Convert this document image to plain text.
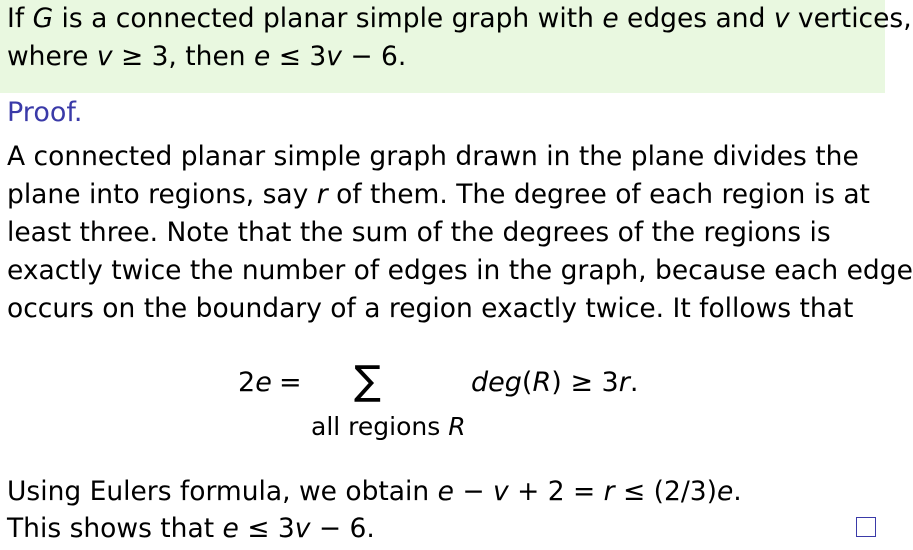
If G is a connected planar simple graph with e edges and v vertices,
where v ≥ 3, then e ≤ 3v − 6.
Proof.
A connected planar simple graph drawn in the plane divides the
plane into regions, say r of them. The degree of each region is at
least three. Note that the sum of the degrees of the regions is
exactly twice the number of edges in the graph, because each edge
occurs on the boundary of a region exactly twice. It follows that
2e = ∑
all regions R
deg(R) ≥ 3r.
Using Eulers formula, we obtain e − v + 2 = r ≤ (2/3)e.
This shows that e ≤ 3v − 6.
